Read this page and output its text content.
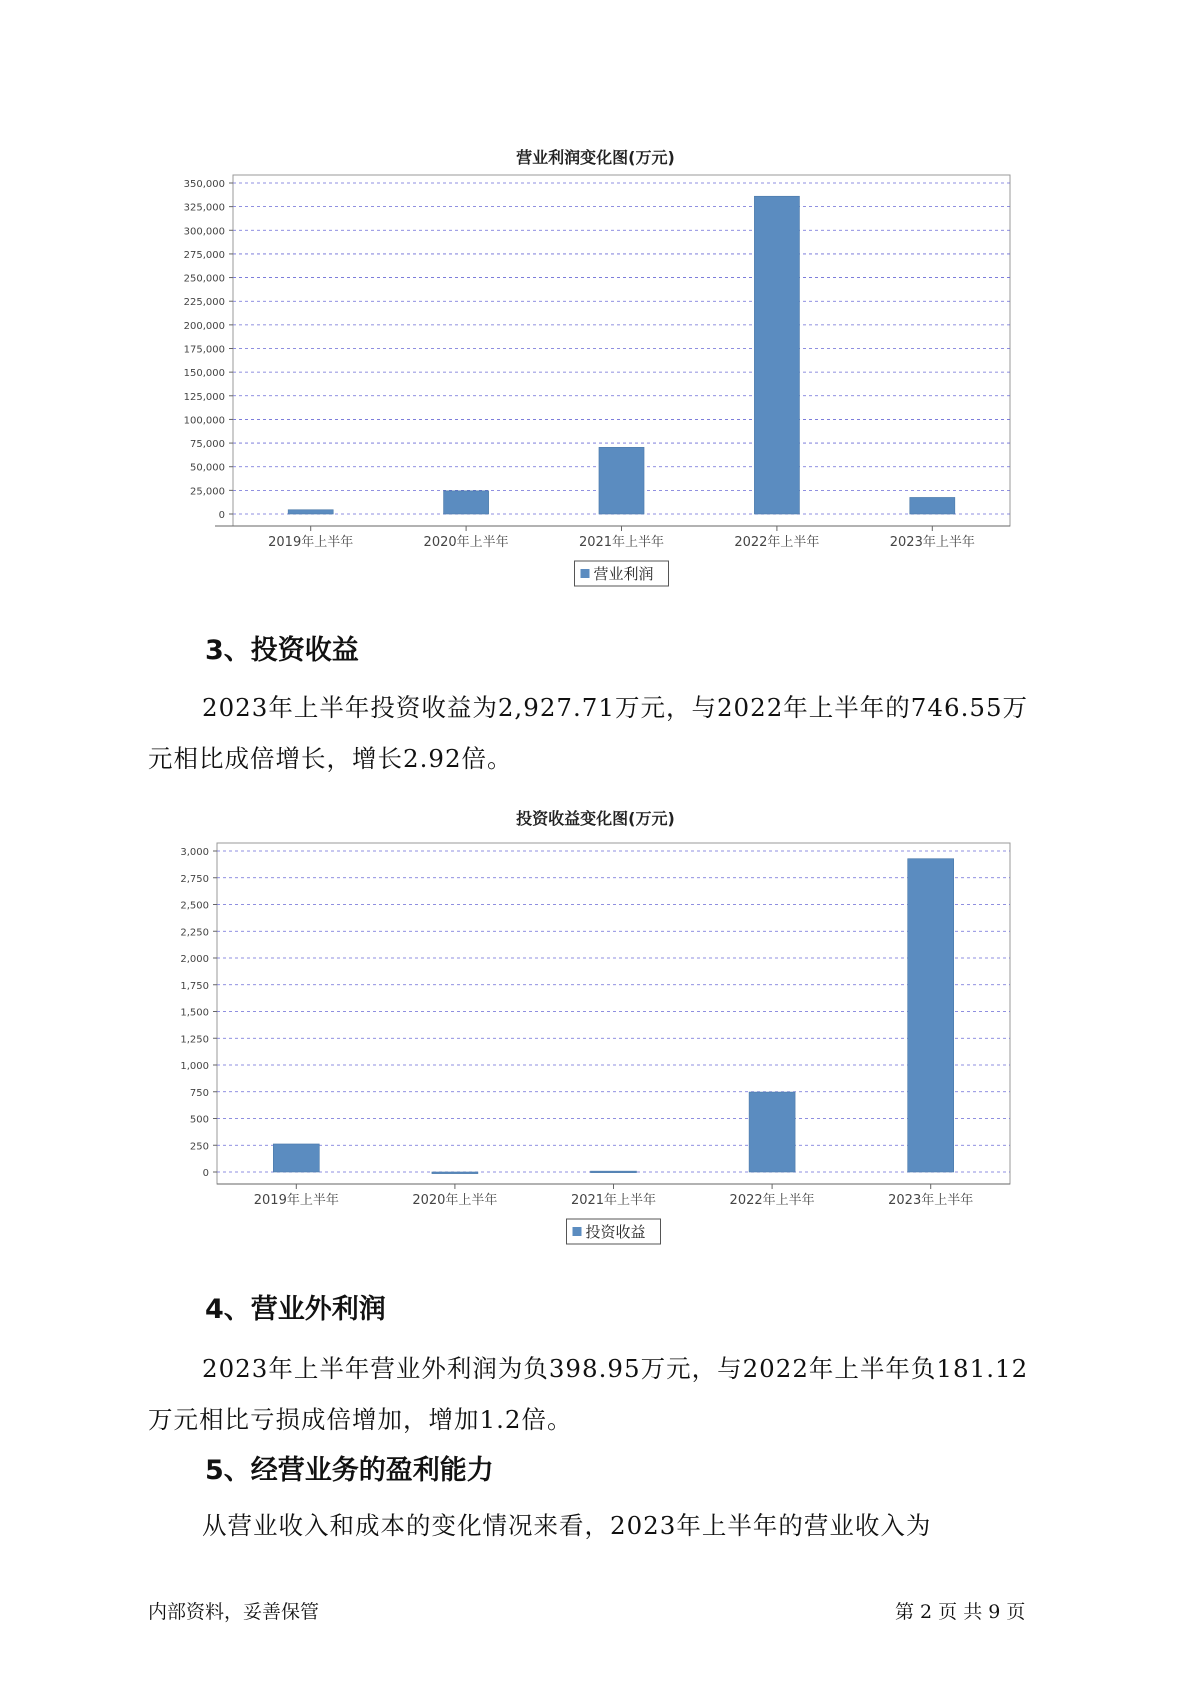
营业利润变化图(万元)
0
25,000
50,000
75,000
100,000
125,000
150,000
175,000
200,000
225,000
250,000
275,000
300,000
325,000
350,000
2019年上半年	2020年上半年	2021年上半年	2022年上半年	2023年上半年
营业利润
3、投资收益
2023年上半年投资收益为2,927.71万元，与2022年上半年的746.55万
元相比成倍增长，增长2.92倍。
投资收益变化图(万元)
0
250
500
750
1,000
1,250
1,500
1,750
2,000
2,250
2,500
2,750
3,000
2019年上半年	2020年上半年	2021年上半年	2022年上半年	2023年上半年
投资收益
4、营业外利润
2023年上半年营业外利润为负398.95万元，与2022年上半年负181.12
万元相比亏损成倍增加，增加1.2倍。
5、经营业务的盈利能力
从营业收入和成本的变化情况来看，2023年上半年的营业收入为
内部资料，妥善保管	第 2 页 共 9 页
